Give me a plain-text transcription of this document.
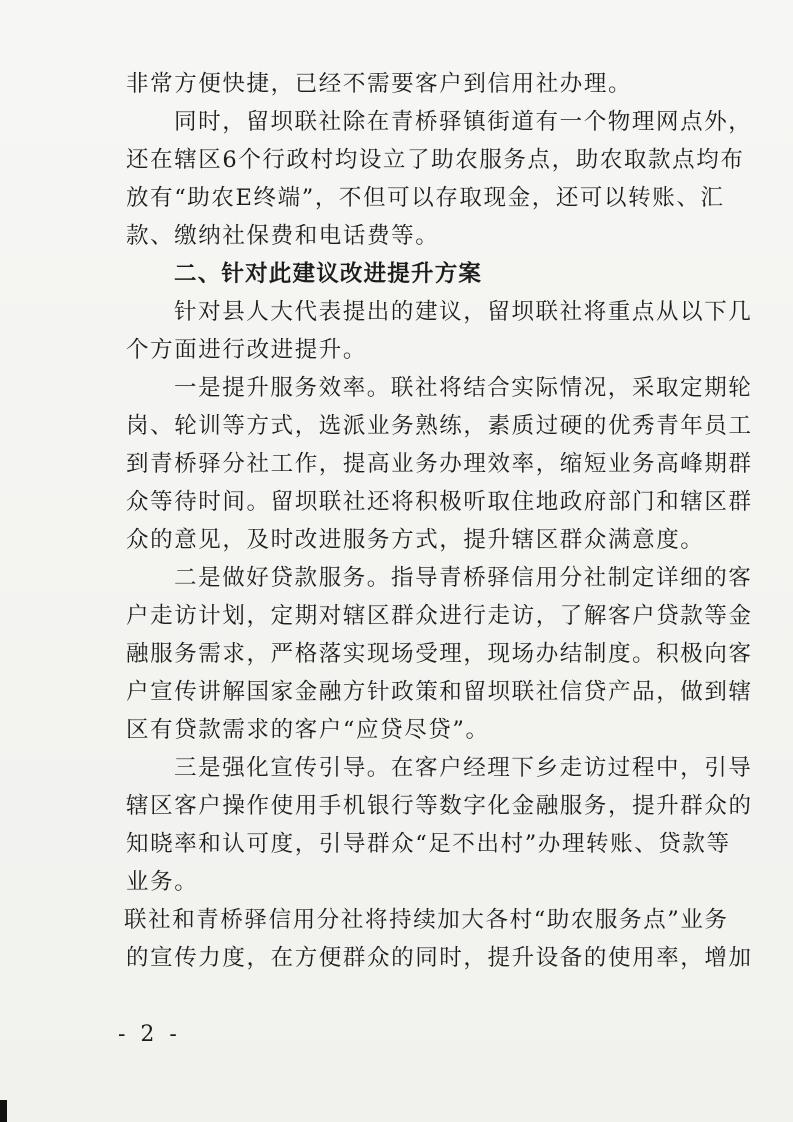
非常方便快捷，已经不需要客户到信用社办理。
同时，留坝联社除在青桥驿镇街道有一个物理网点外，
还在辖区6个行政村均设立了助农服务点，助农取款点均布
放有“助农E终端”，不但可以存取现金，还可以转账、汇
款、缴纳社保费和电话费等。
二、针对此建议改进提升方案
针对县人大代表提出的建议，留坝联社将重点从以下几
个方面进行改进提升。
一是提升服务效率。联社将结合实际情况，采取定期轮
岗、轮训等方式，选派业务熟练，素质过硬的优秀青年员工
到青桥驿分社工作，提高业务办理效率，缩短业务高峰期群
众等待时间。留坝联社还将积极听取住地政府部门和辖区群
众的意见，及时改进服务方式，提升辖区群众满意度。
二是做好贷款服务。指导青桥驿信用分社制定详细的客
户走访计划，定期对辖区群众进行走访，了解客户贷款等金
融服务需求，严格落实现场受理，现场办结制度。积极向客
户宣传讲解国家金融方针政策和留坝联社信贷产品，做到辖
区有贷款需求的客户“应贷尽贷”。
三是强化宣传引导。在客户经理下乡走访过程中，引导
辖区客户操作使用手机银行等数字化金融服务，提升群众的
知晓率和认可度，引导群众“足不出村”办理转账、贷款等
业务。
联社和青桥驿信用分社将持续加大各村“助农服务点”业务
的宣传力度，在方便群众的同时，提升设备的使用率，增加
- 2 -
